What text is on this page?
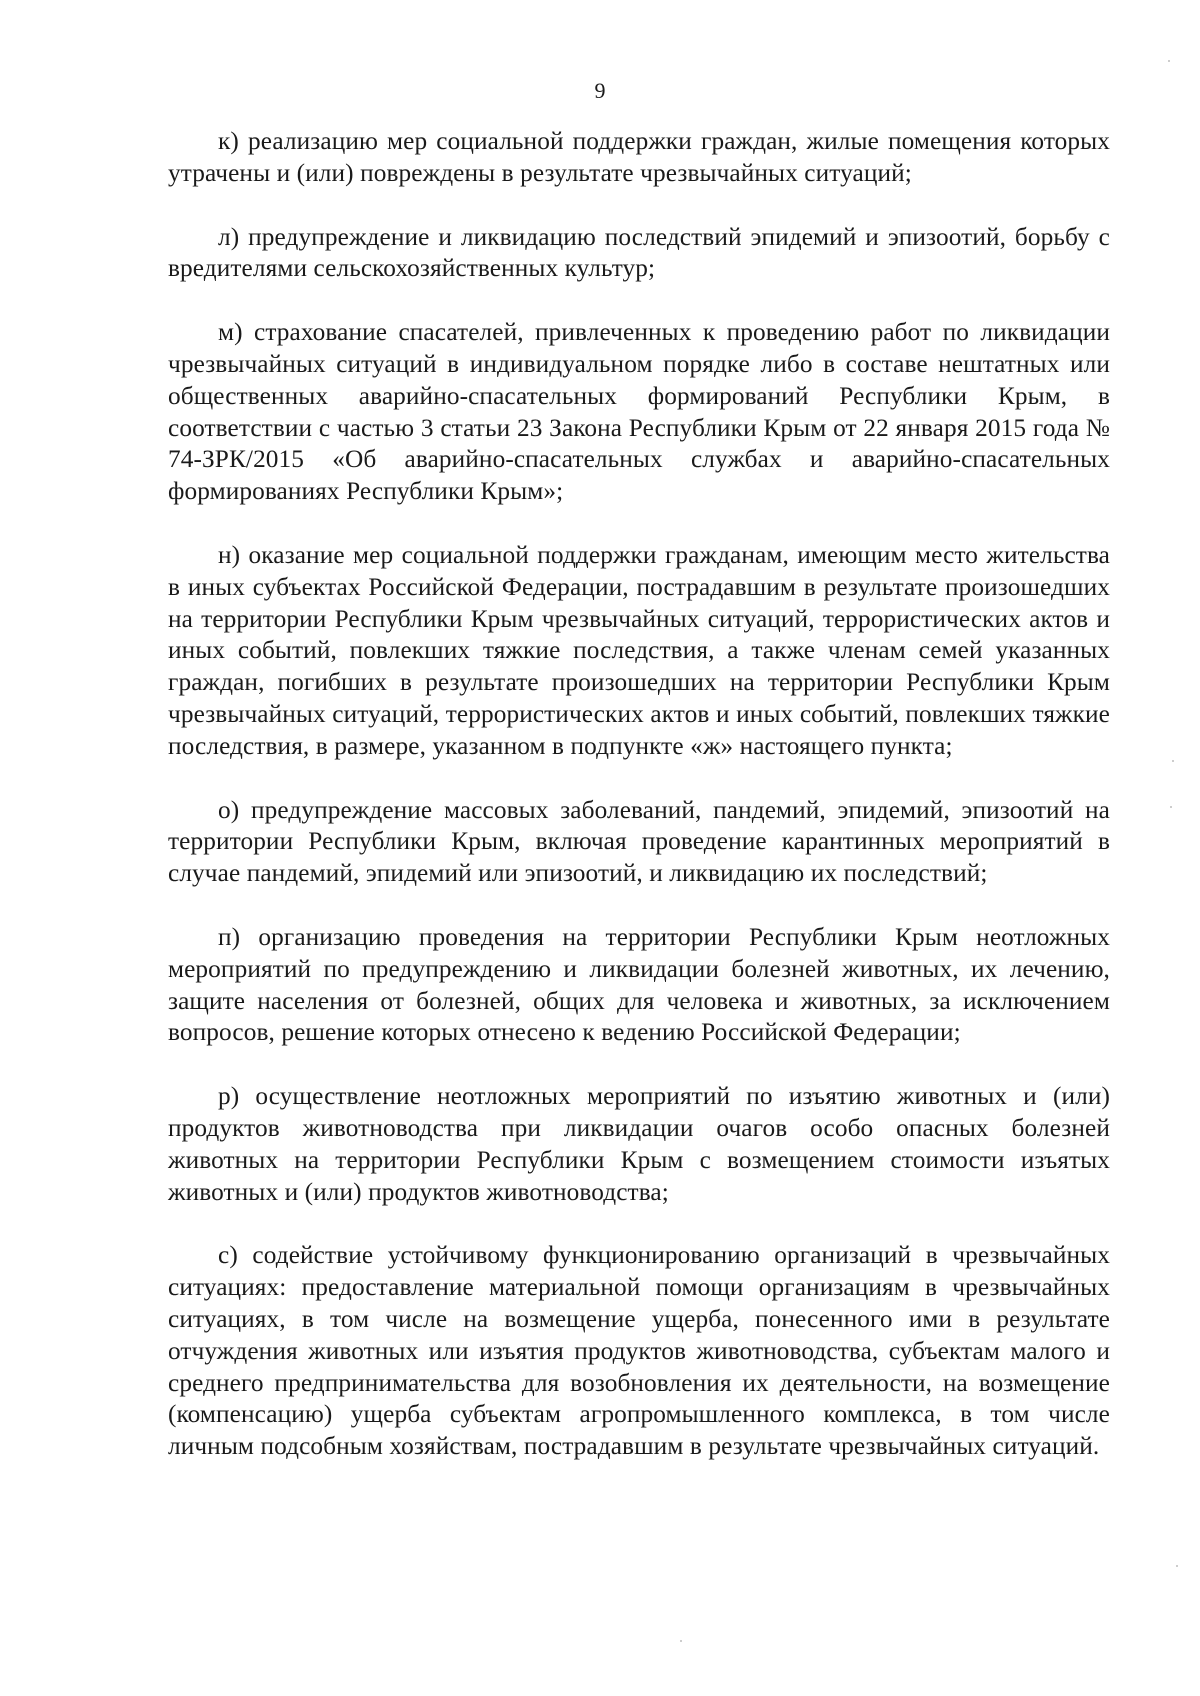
9

к) реализацию мер социальной поддержки граждан, жилые помещения которых утрачены и (или) повреждены в результате чрезвычайных ситуаций;

л) предупреждение и ликвидацию последствий эпидемий и эпизоотий, борьбу с вредителями сельскохозяйственных культур;

м) страхование спасателей, привлеченных к проведению работ по ликвидации чрезвычайных ситуаций в индивидуальном порядке либо в составе нештатных или общественных аварийно-спасательных формирований Республики Крым, в соответствии с частью 3 статьи 23 Закона Республики Крым от 22 января 2015 года № 74-ЗРК/2015 «Об аварийно-спасательных службах и аварийно-спасательных формированиях Республики Крым»;

н) оказание мер социальной поддержки гражданам, имеющим место жительства в иных субъектах Российской Федерации, пострадавшим в результате произошедших на территории Республики Крым чрезвычайных ситуаций, террористических актов и иных событий, повлекших тяжкие последствия, а также членам семей указанных граждан, погибших в результате произошедших на территории Республики Крым чрезвычайных ситуаций, террористических актов и иных событий, повлекших тяжкие последствия, в размере, указанном в подпункте «ж» настоящего пункта;

о) предупреждение массовых заболеваний, пандемий, эпидемий, эпизоотий на территории Республики Крым, включая проведение карантинных мероприятий в случае пандемий, эпидемий или эпизоотий, и ликвидацию их последствий;

п) организацию проведения на территории Республики Крым неотложных мероприятий по предупреждению и ликвидации болезней животных, их лечению, защите населения от болезней, общих для человека и животных, за исключением вопросов, решение которых отнесено к ведению Российской Федерации;

р) осуществление неотложных мероприятий по изъятию животных и (или) продуктов животноводства при ликвидации очагов особо опасных болезней животных на территории Республики Крым с возмещением стоимости изъятых животных и (или) продуктов животноводства;

с) содействие устойчивому функционированию организаций в чрезвычайных ситуациях: предоставление материальной помощи организациям в чрезвычайных ситуациях, в том числе на возмещение ущерба, понесенного ими в результате отчуждения животных или изъятия продуктов животноводства, субъектам малого и среднего предпринимательства для возобновления их деятельности, на возмещение (компенсацию) ущерба субъектам агропромышленного комплекса, в том числе личным подсобным хозяйствам, пострадавшим в результате чрезвычайных ситуаций.
